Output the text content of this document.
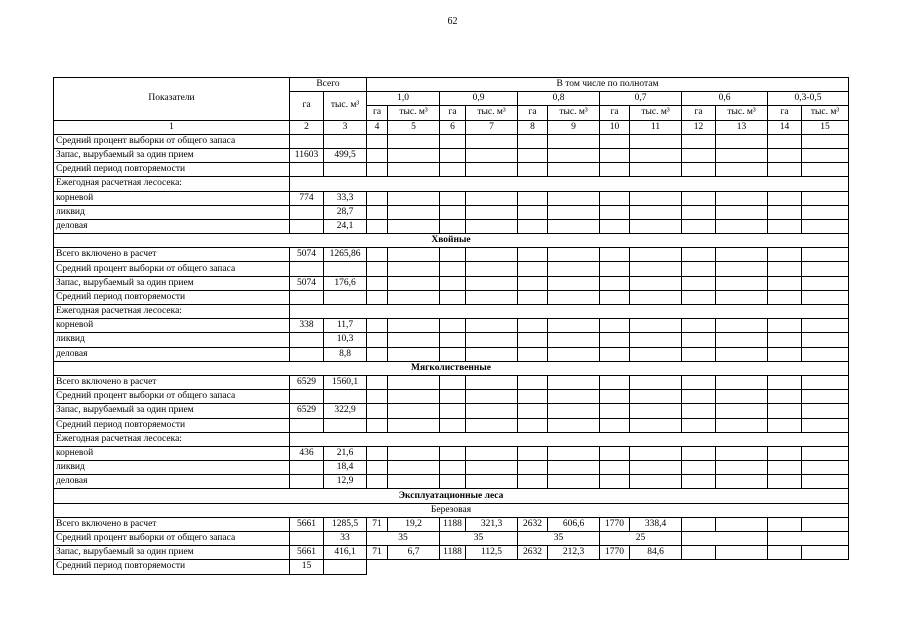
62
Показатели	Всего		В том числе по полнотам											
	га	тыс. м³	1,0		0,9		0,8		0,7		0,6		0,3-0,5	
			га	тыс. м³	га	тыс. м³	га	тыс. м³	га	тыс. м³	га	тыс. м³	га	тыс. м³
1	2	3	4	5	6	7	8	9	10	11	12	13	14	15
Средний процент выборки от общего запаса														
Запас, вырубаемый за один прием	11603	499,5												
Средний период повторяемости														
Ежегодная расчетная лесосека:														
корневой	774	33,3												
ликвид		28,7												
деловая		24,1												
Хвойные														
Всего включено в расчет	5074	1265,86												
Средний процент выборки от общего запаса														
Запас, вырубаемый за один прием	5074	176,6												
Средний период повторяемости														
Ежегодная расчетная лесосека:														
корневой	338	11,7												
ликвид		10,3												
деловая		8,8												
Мягколиственные														
Всего включено в расчет	6529	1560,1												
Средний процент выборки от общего запаса														
Запас, вырубаемый за один прием	6529	322,9												
Средний период повторяемости														
Ежегодная расчетная лесосека:														
корневой	436	21,6												
ликвид		18,4												
деловая		12,9												
Эксплуатационные леса														
Березовая														
Всего включено в расчет	5661	1285,5	71	19,2	1188	321,3	2632	606,6	1770	338,4				
Средний процент выборки от общего запаса		33	35		35		35		25					
Запас, вырубаемый за один прием	5661	416,1	71	6,7	1188	112,5	2632	212,3	1770	84,6				
Средний период повторяемости	15													
